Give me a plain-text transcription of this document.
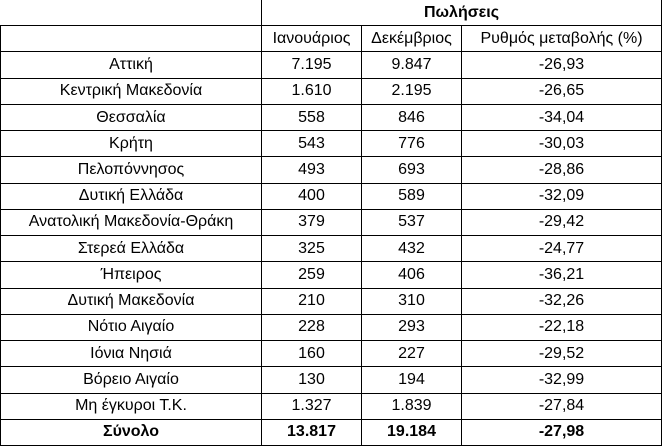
	Πωλήσεις		
	Ιανουάριος	Δεκέμβριος	Ρυθμός μεταβολής (%)
Αττική	7.195	9.847	-26,93
Κεντρική Μακεδονία	1.610	2.195	-26,65
Θεσσαλία	558	846	-34,04
Κρήτη	543	776	-30,03
Πελοπόννησος	493	693	-28,86
Δυτική Ελλάδα	400	589	-32,09
Ανατολική Μακεδονία-Θράκη	379	537	-29,42
Στερεά Ελλάδα	325	432	-24,77
Ήπειρος	259	406	-36,21
Δυτική Μακεδονία	210	310	-32,26
Νότιο Αιγαίο	228	293	-22,18
Ιόνια Νησιά	160	227	-29,52
Βόρειο Αιγαίο	130	194	-32,99
Μη έγκυροι Τ.Κ.	1.327	1.839	-27,84
Σύνολο	13.817	19.184	-27,98
